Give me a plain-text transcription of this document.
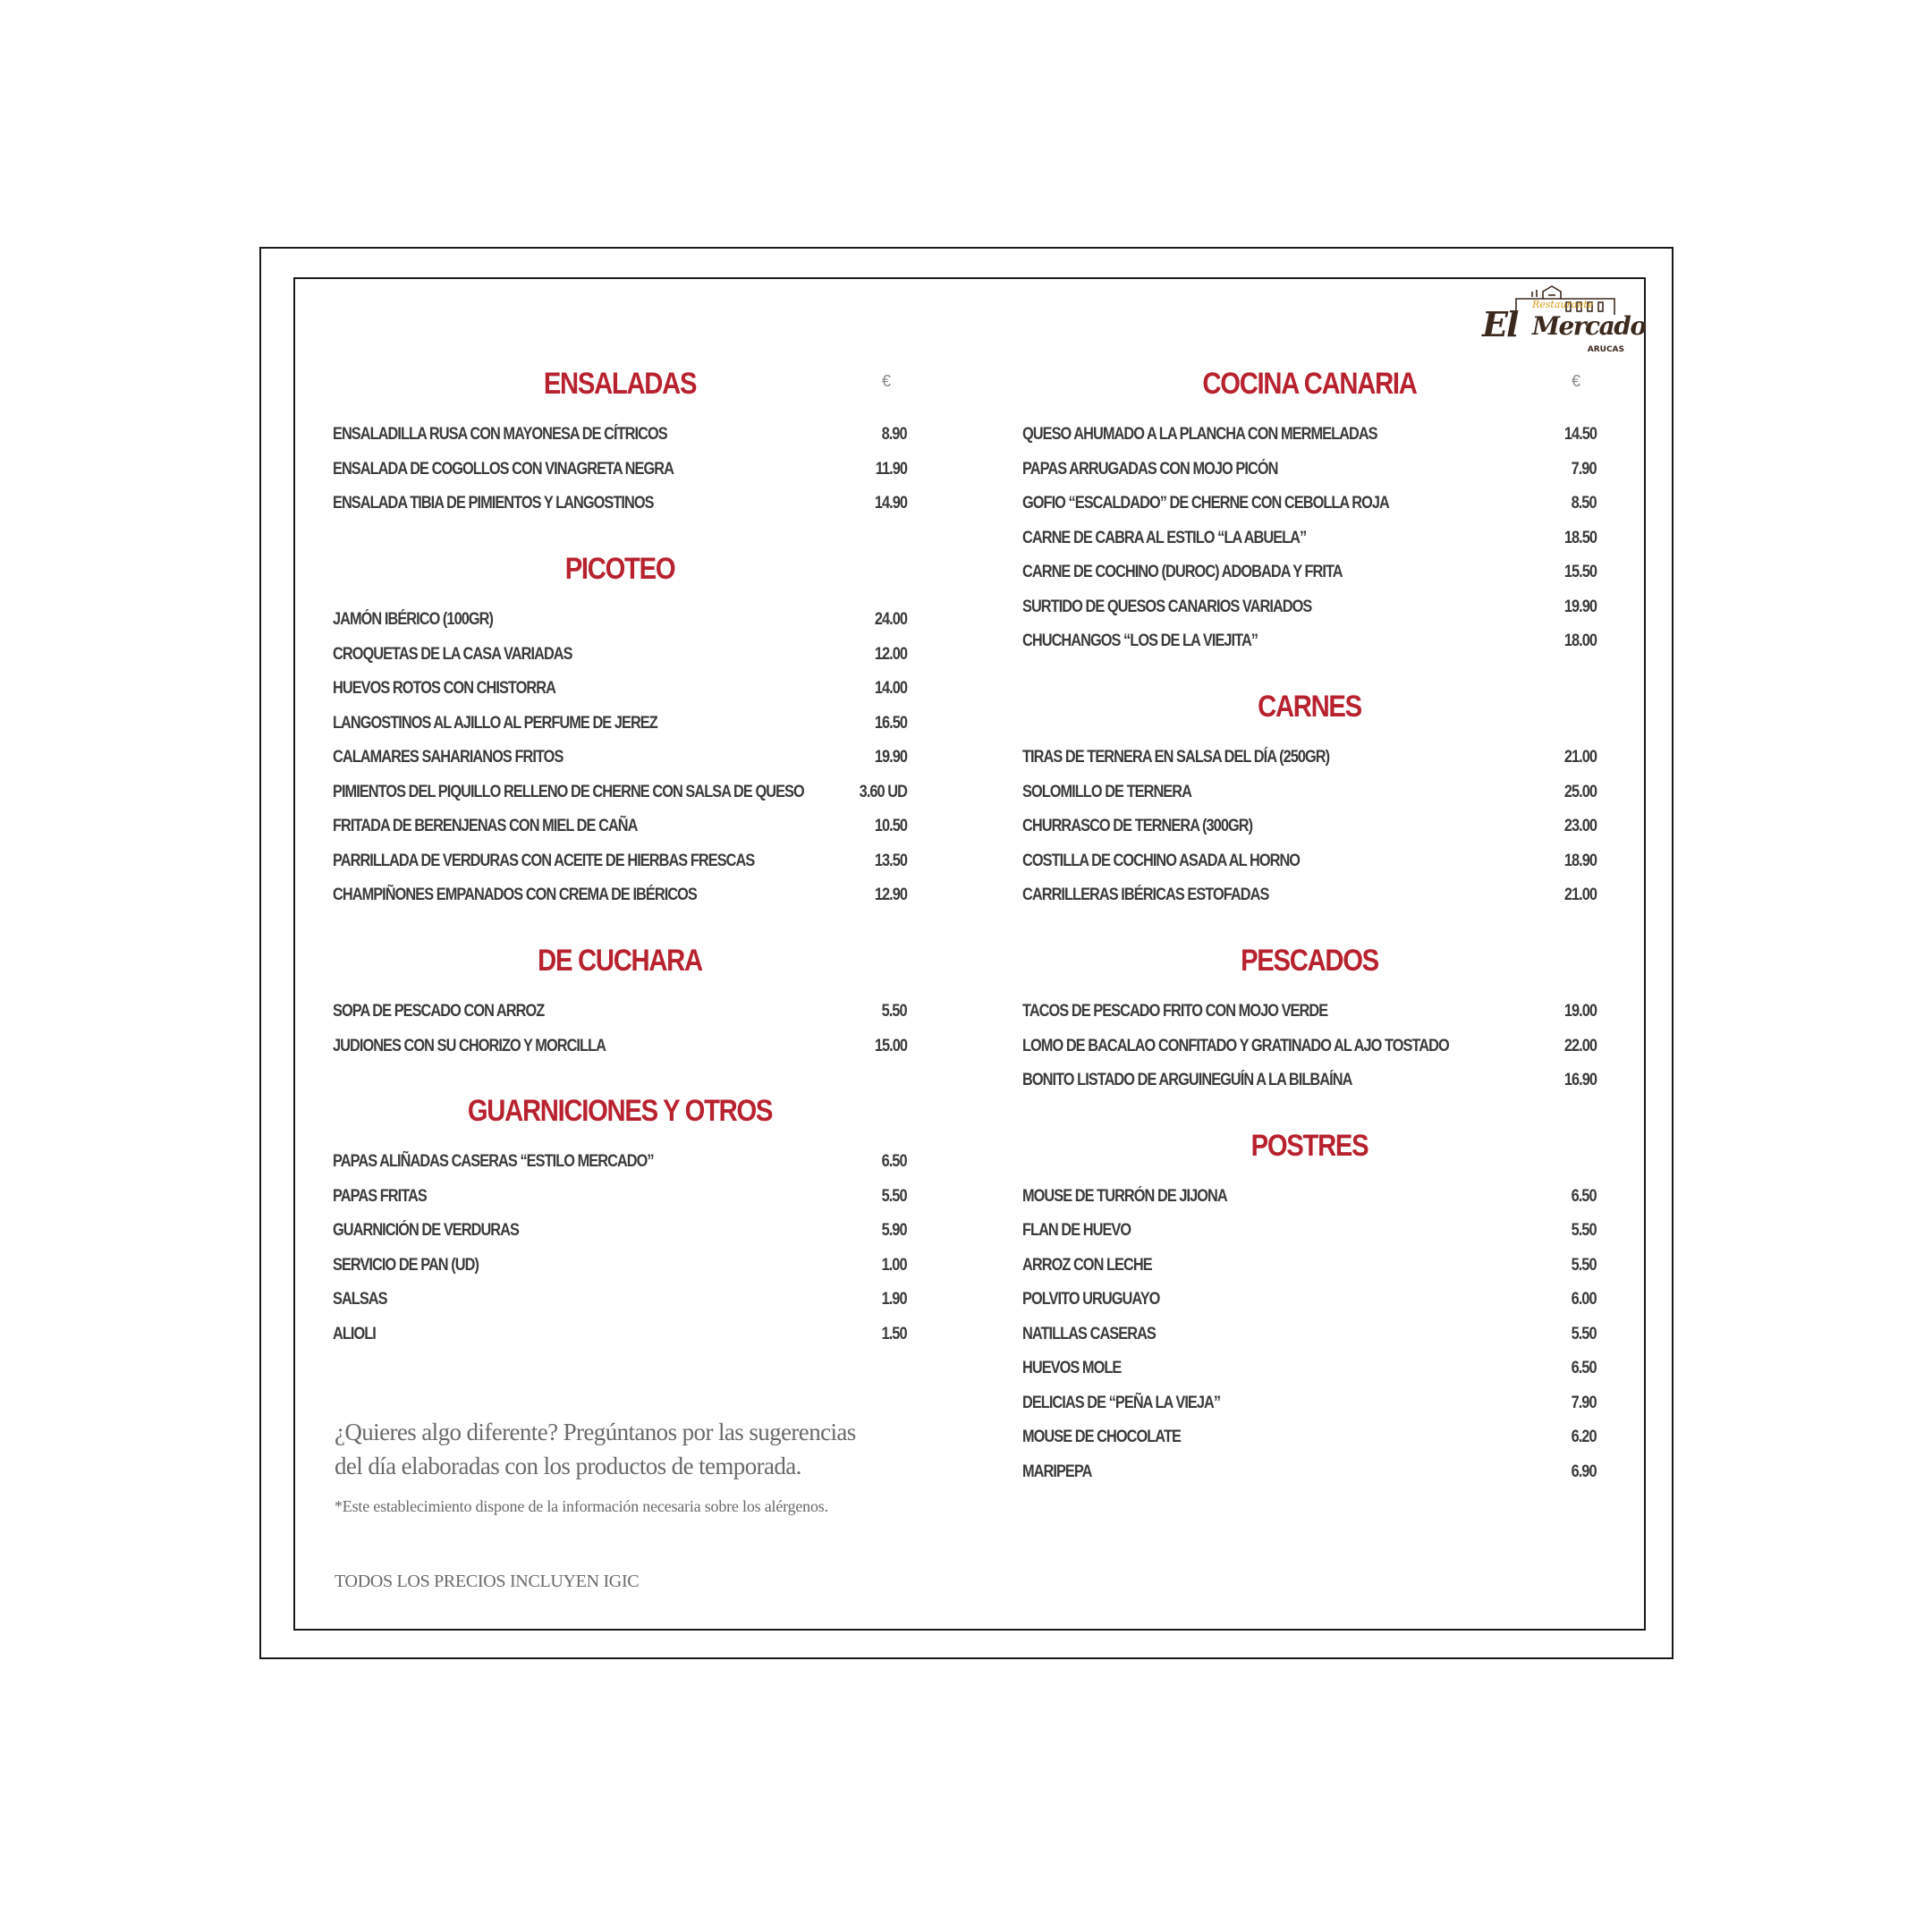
Restaurante
El Mercado
ARUCAS
ENSALADAS	€
ENSALADILLA RUSA CON MAYONESA DE CÍTRICOS	8.90
ENSALADA DE COGOLLOS CON VINAGRETA NEGRA	11.90
ENSALADA TIBIA DE PIMIENTOS Y LANGOSTINOS	14.90
PICOTEO
JAMÓN IBÉRICO (100GR)	24.00
CROQUETAS DE LA CASA VARIADAS	12.00
HUEVOS ROTOS CON CHISTORRA	14.00
LANGOSTINOS AL AJILLO AL PERFUME DE JEREZ	16.50
CALAMARES SAHARIANOS FRITOS	19.90
PIMIENTOS DEL PIQUILLO RELLENO DE CHERNE CON SALSA DE QUESO	3.60 UD
FRITADA DE BERENJENAS CON MIEL DE CAÑA	10.50
PARRILLADA DE VERDURAS CON ACEITE DE HIERBAS FRESCAS	13.50
CHAMPIÑONES EMPANADOS CON CREMA DE IBÉRICOS	12.90
DE CUCHARA
SOPA DE PESCADO CON ARROZ	5.50
JUDIONES CON SU CHORIZO Y MORCILLA	15.00
GUARNICIONES Y OTROS
PAPAS ALIÑADAS CASERAS “ESTILO MERCADO”	6.50
PAPAS FRITAS	5.50
GUARNICIÓN DE VERDURAS	5.90
SERVICIO DE PAN (UD)	1.00
SALSAS	1.90
ALIOLI	1.50
COCINA CANARIA	€
QUESO AHUMADO A LA PLANCHA CON MERMELADAS	14.50
PAPAS ARRUGADAS CON MOJO PICÓN	7.90
GOFIO “ESCALDADO” DE CHERNE CON CEBOLLA ROJA	8.50
CARNE DE CABRA AL ESTILO “LA ABUELA”	18.50
CARNE DE COCHINO (DUROC) ADOBADA Y FRITA	15.50
SURTIDO DE QUESOS CANARIOS VARIADOS	19.90
CHUCHANGOS “LOS DE LA VIEJITA”	18.00
CARNES
TIRAS DE TERNERA EN SALSA DEL DÍA (250GR)	21.00
SOLOMILLO DE TERNERA	25.00
CHURRASCO DE TERNERA (300GR)	23.00
COSTILLA DE COCHINO ASADA AL HORNO	18.90
CARRILLERAS IBÉRICAS ESTOFADAS	21.00
PESCADOS
TACOS DE PESCADO FRITO CON MOJO VERDE	19.00
LOMO DE BACALAO CONFITADO Y GRATINADO AL AJO TOSTADO	22.00
BONITO LISTADO DE ARGUINEGUÍN A LA BILBAÍNA	16.90
POSTRES
MOUSE DE TURRÓN DE JIJONA	6.50
FLAN DE HUEVO	5.50
ARROZ CON LECHE	5.50
POLVITO URUGUAYO	6.00
NATILLAS CASERAS	5.50
HUEVOS MOLE	6.50
DELICIAS DE “PEÑA LA VIEJA”	7.90
MOUSE DE CHOCOLATE	6.20
MARIPEPA	6.90
¿Quieres algo diferente? Pregúntanos por las sugerencias
del día elaboradas con los productos de temporada.
*Este establecimiento dispone de la información necesaria sobre los alérgenos.
TODOS LOS PRECIOS INCLUYEN IGIC
